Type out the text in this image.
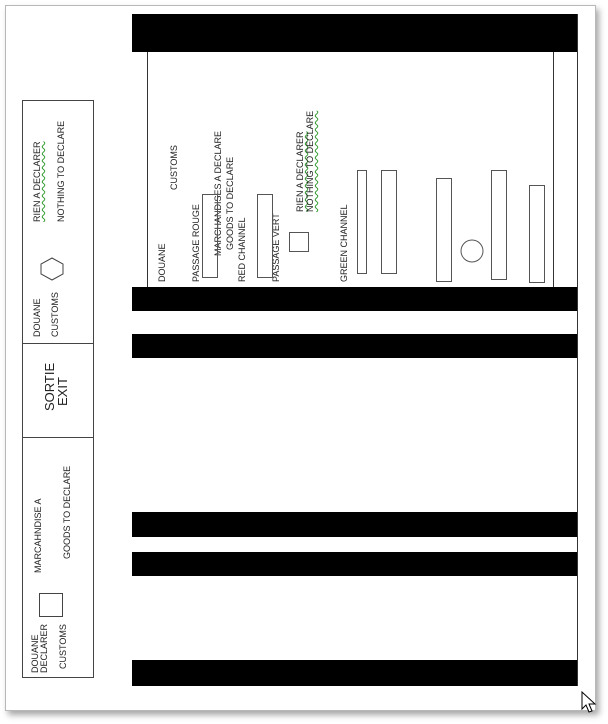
DOUANE CUSTOMS
RIEN A DECLARER NOTHING TO DECLARE
SORTIE
EXIT
MARCAHNDISE A GOODS TO DECLARE
DOUANE DECLARER CUSTOMS
DOUANE
CUSTOMS
PASSAGE ROUGE MARCHANDISES A DECLARE GOODS TO DECLARE RED CHANNEL	PASSAGE VERT
RIEN A DECLARER NOTHING TO DECLARE
GREEN CHANNEL
